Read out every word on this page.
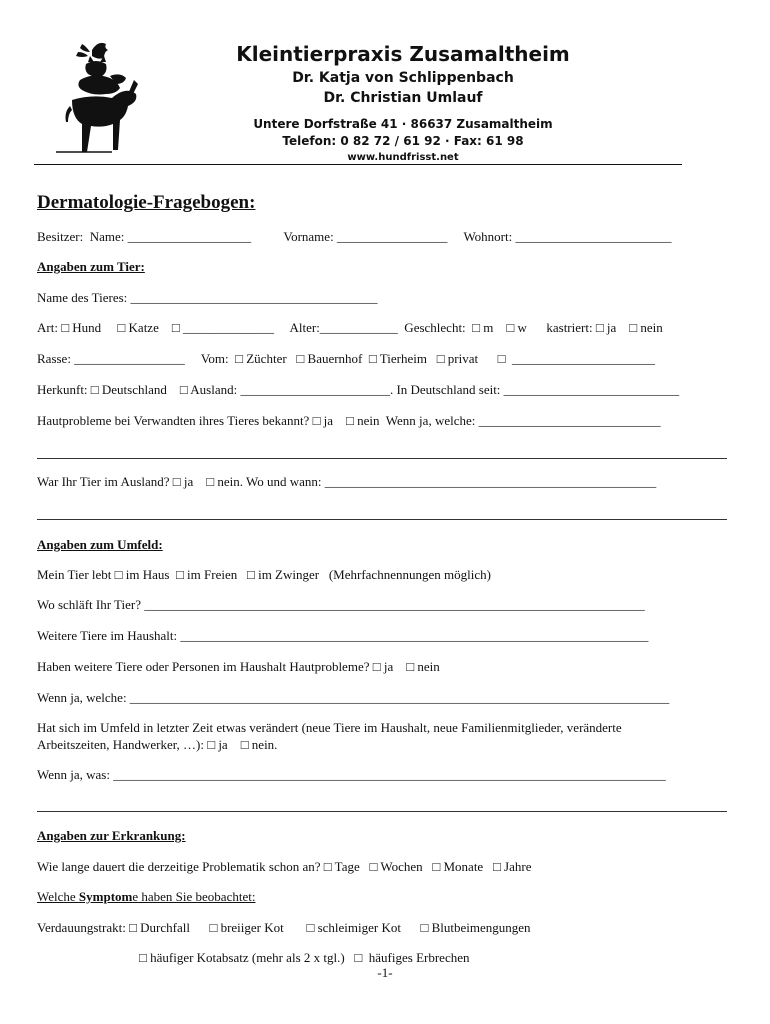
Kleintierpraxis Zusamaltheim
Dr. Katja von Schlippenbach
Dr. Christian Umlauf
Untere Dorfstraße 41 · 86637 Zusamaltheim
Telefon: 0 82 72 / 61 92 · Fax: 61 98
www.hundfrisst.net
Dermatologie-Fragebogen:
Besitzer:  Name: ___________________          Vorname: _________________     Wohnort: ________________________
Angaben zum Tier:
Name des Tieres: ______________________________________
Art: □ Hund     □ Katze    □ ______________     Alter:____________  Geschlecht:  □ m    □ w      kastriert: □ ja    □ nein
Rasse: _________________     Vom:  □ Züchter   □ Bauernhof  □ Tierheim   □ privat      □  ______________________
Herkunft: □ Deutschland    □ Ausland: _______________________. In Deutschland seit: ___________________________
Hautprobleme bei Verwandten ihres Tieres bekannt? □ ja    □ nein  Wenn ja, welche: ____________________________
War Ihr Tier im Ausland? □ ja    □ nein. Wo und wann: ___________________________________________________
Angaben zum Umfeld:
Mein Tier lebt □ im Haus  □ im Freien   □ im Zwinger   (Mehrfachnennungen möglich)
Wo schläft Ihr Tier? _____________________________________________________________________________
Weitere Tiere im Haushalt: ________________________________________________________________________
Haben weitere Tiere oder Personen im Haushalt Hautprobleme? □ ja    □ nein
Wenn ja, welche: ___________________________________________________________________________________
Hat sich im Umfeld in letzter Zeit etwas verändert (neue Tiere im Haushalt, neue Familienmitglieder, veränderte
Arbeitszeiten, Handwerker, …): □ ja    □ nein.
Wenn ja, was: _____________________________________________________________________________________
Angaben zur Erkrankung:
Wie lange dauert die derzeitige Problematik schon an? □ Tage   □ Wochen   □ Monate   □ Jahre
Welche Symptome haben Sie beobachtet:
Verdauungstrakt: □ Durchfall      □ breiiger Kot       □ schleimiger Kot      □ Blutbeimengungen
□ häufiger Kotabsatz (mehr als 2 x tgl.)   □  häufiges Erbrechen
-1-
